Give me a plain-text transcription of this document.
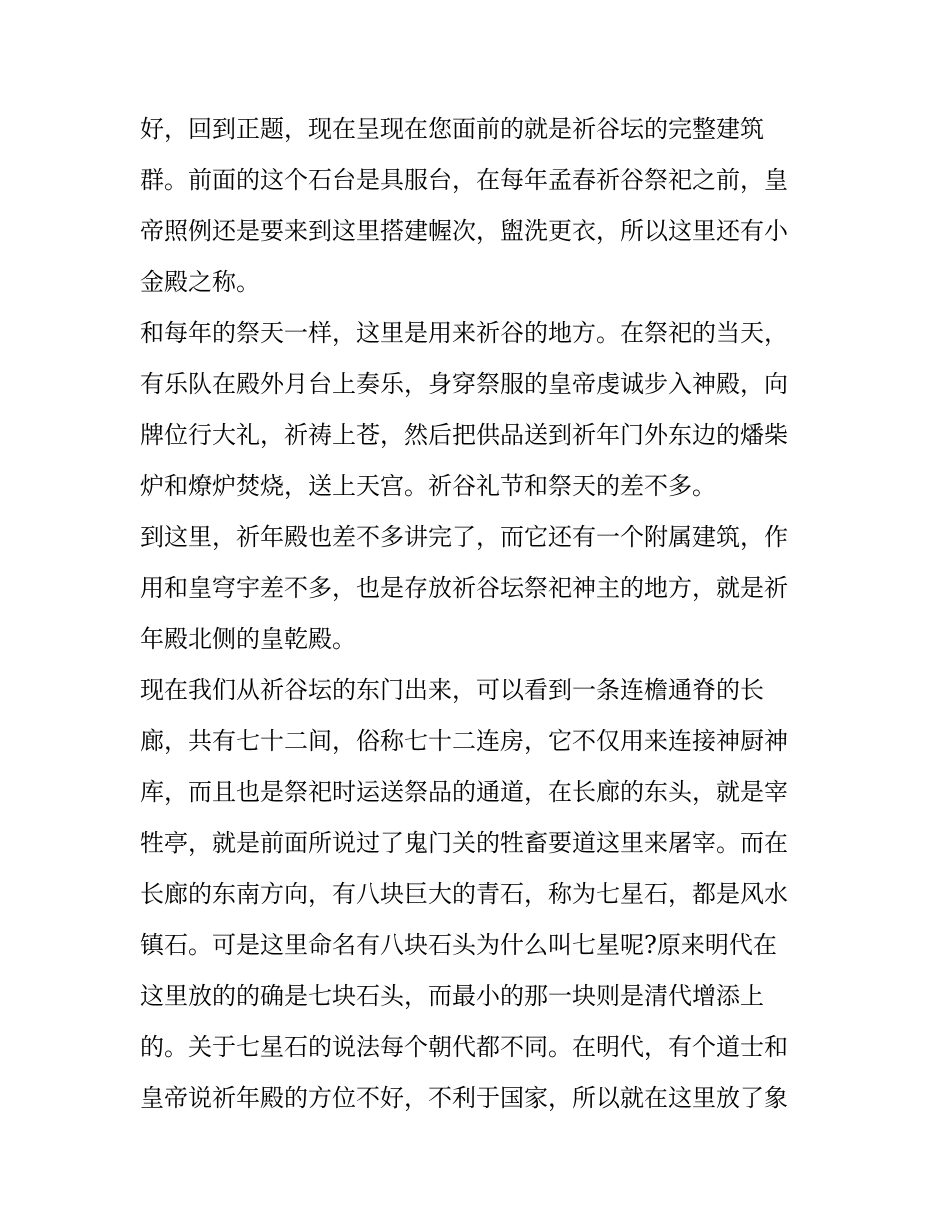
好，回到正题，现在呈现在您面前的就是祈谷坛的完整建筑
群。前面的这个石台是具服台，在每年孟春祈谷祭祀之前，皇
帝照例还是要来到这里搭建幄次，盥洗更衣，所以这里还有小
金殿之称。
和每年的祭天一样，这里是用来祈谷的地方。在祭祀的当天，
有乐队在殿外月台上奏乐，身穿祭服的皇帝虔诚步入神殿，向
牌位行大礼，祈祷上苍，然后把供品送到祈年门外东边的燔柴
炉和燎炉焚烧，送上天宫。祈谷礼节和祭天的差不多。
到这里，祈年殿也差不多讲完了，而它还有一个附属建筑，作
用和皇穹宇差不多，也是存放祈谷坛祭祀神主的地方，就是祈
年殿北侧的皇乾殿。
现在我们从祈谷坛的东门出来，可以看到一条连檐通脊的长
廊，共有七十二间，俗称七十二连房，它不仅用来连接神厨神
库，而且也是祭祀时运送祭品的通道，在长廊的东头，就是宰
牲亭，就是前面所说过了鬼门关的牲畜要道这里来屠宰。而在
长廊的东南方向，有八块巨大的青石，称为七星石，都是风水
镇石。可是这里命名有八块石头为什么叫七星呢?原来明代在
这里放的的确是七块石头，而最小的那一块则是清代增添上
的。关于七星石的说法每个朝代都不同。在明代，有个道士和
皇帝说祈年殿的方位不好，不利于国家，所以就在这里放了象
